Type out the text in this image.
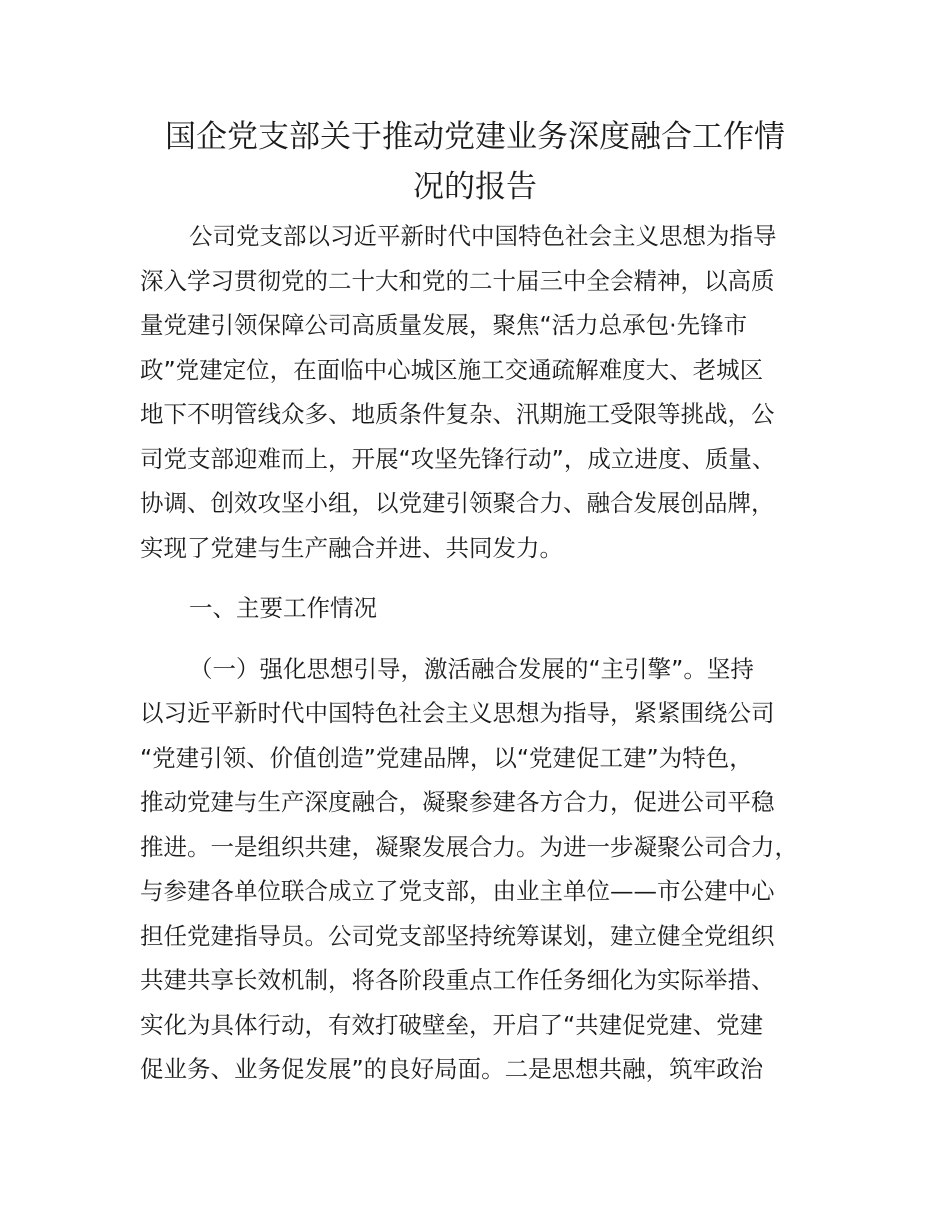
国企党支部关于推动党建业务深度融合工作情
况的报告
公司党支部以习近平新时代中国特色社会主义思想为指导
深入学习贯彻党的二十大和党的二十届三中全会精神，以高质
量党建引领保障公司高质量发展，聚焦“活力总承包·先锋市
政”党建定位，在面临中心城区施工交通疏解难度大、老城区
地下不明管线众多、地质条件复杂、汛期施工受限等挑战，公
司党支部迎难而上，开展“攻坚先锋行动”，成立进度、质量、
协调、创效攻坚小组，以党建引领聚合力、融合发展创品牌，
实现了党建与生产融合并进、共同发力。
一、主要工作情况
（一）强化思想引导，激活融合发展的“主引擎”。坚持
以习近平新时代中国特色社会主义思想为指导，紧紧围绕公司
“党建引领、价值创造”党建品牌，以“党建促工建”为特色，
推动党建与生产深度融合，凝聚参建各方合力，促进公司平稳
推进。一是组织共建，凝聚发展合力。为进一步凝聚公司合力，
与参建各单位联合成立了党支部，由业主单位——市公建中心
担任党建指导员。公司党支部坚持统筹谋划，建立健全党组织
共建共享长效机制，将各阶段重点工作任务细化为实际举措、
实化为具体行动，有效打破壁垒，开启了“共建促党建、党建
促业务、业务促发展”的良好局面。二是思想共融，筑牢政治
